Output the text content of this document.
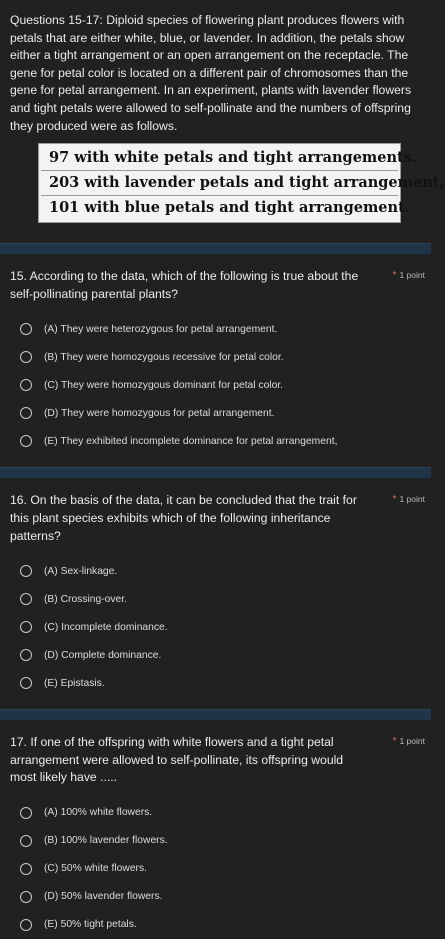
Questions 15-17: Diploid species of flowering plant produces flowers with petals that are either white, blue, or lavender. In addition, the petals show either a tight arrangement or an open arrangement on the receptacle. The gene for petal color is located on a different pair of chromosomes than the gene for petal arrangement. In an experiment, plants with lavender flowers and tight petals were allowed to self-pollinate and the numbers of offspring they produced were as follows.
97 with white petals and tight arrangements.
203 with lavender petals and tight arrangement,
101 with blue petals and tight arrangement.
15. According to the data, which of the following is true about the self-pollinating parental plants?
* 1 point
(A) They were heterozygous for petal arrangement.
(B) They were homozygous recessive for petal color.
(C) They were homozygous dominant for petal color.
(D) They were homozygous for petal arrangement.
(E) They exhibited incomplete dominance for petal arrangement,
16. On the basis of the data, it can be concluded that the trait for this plant species exhibits which of the following inheritance patterns?
* 1 point
(A) Sex-linkage.
(B) Crossing-over.
(C) Incomplete dominance.
(D) Complete dominance.
(E) Epistasis.
17. If one of the offspring with white flowers and a tight petal arrangement were allowed to self-pollinate, its offspring would most likely have .....
* 1 point
(A) 100% white flowers.
(B) 100% lavender flowers.
(C) 50% white flowers.
(D) 50% lavender flowers.
(E) 50% tight petals.
